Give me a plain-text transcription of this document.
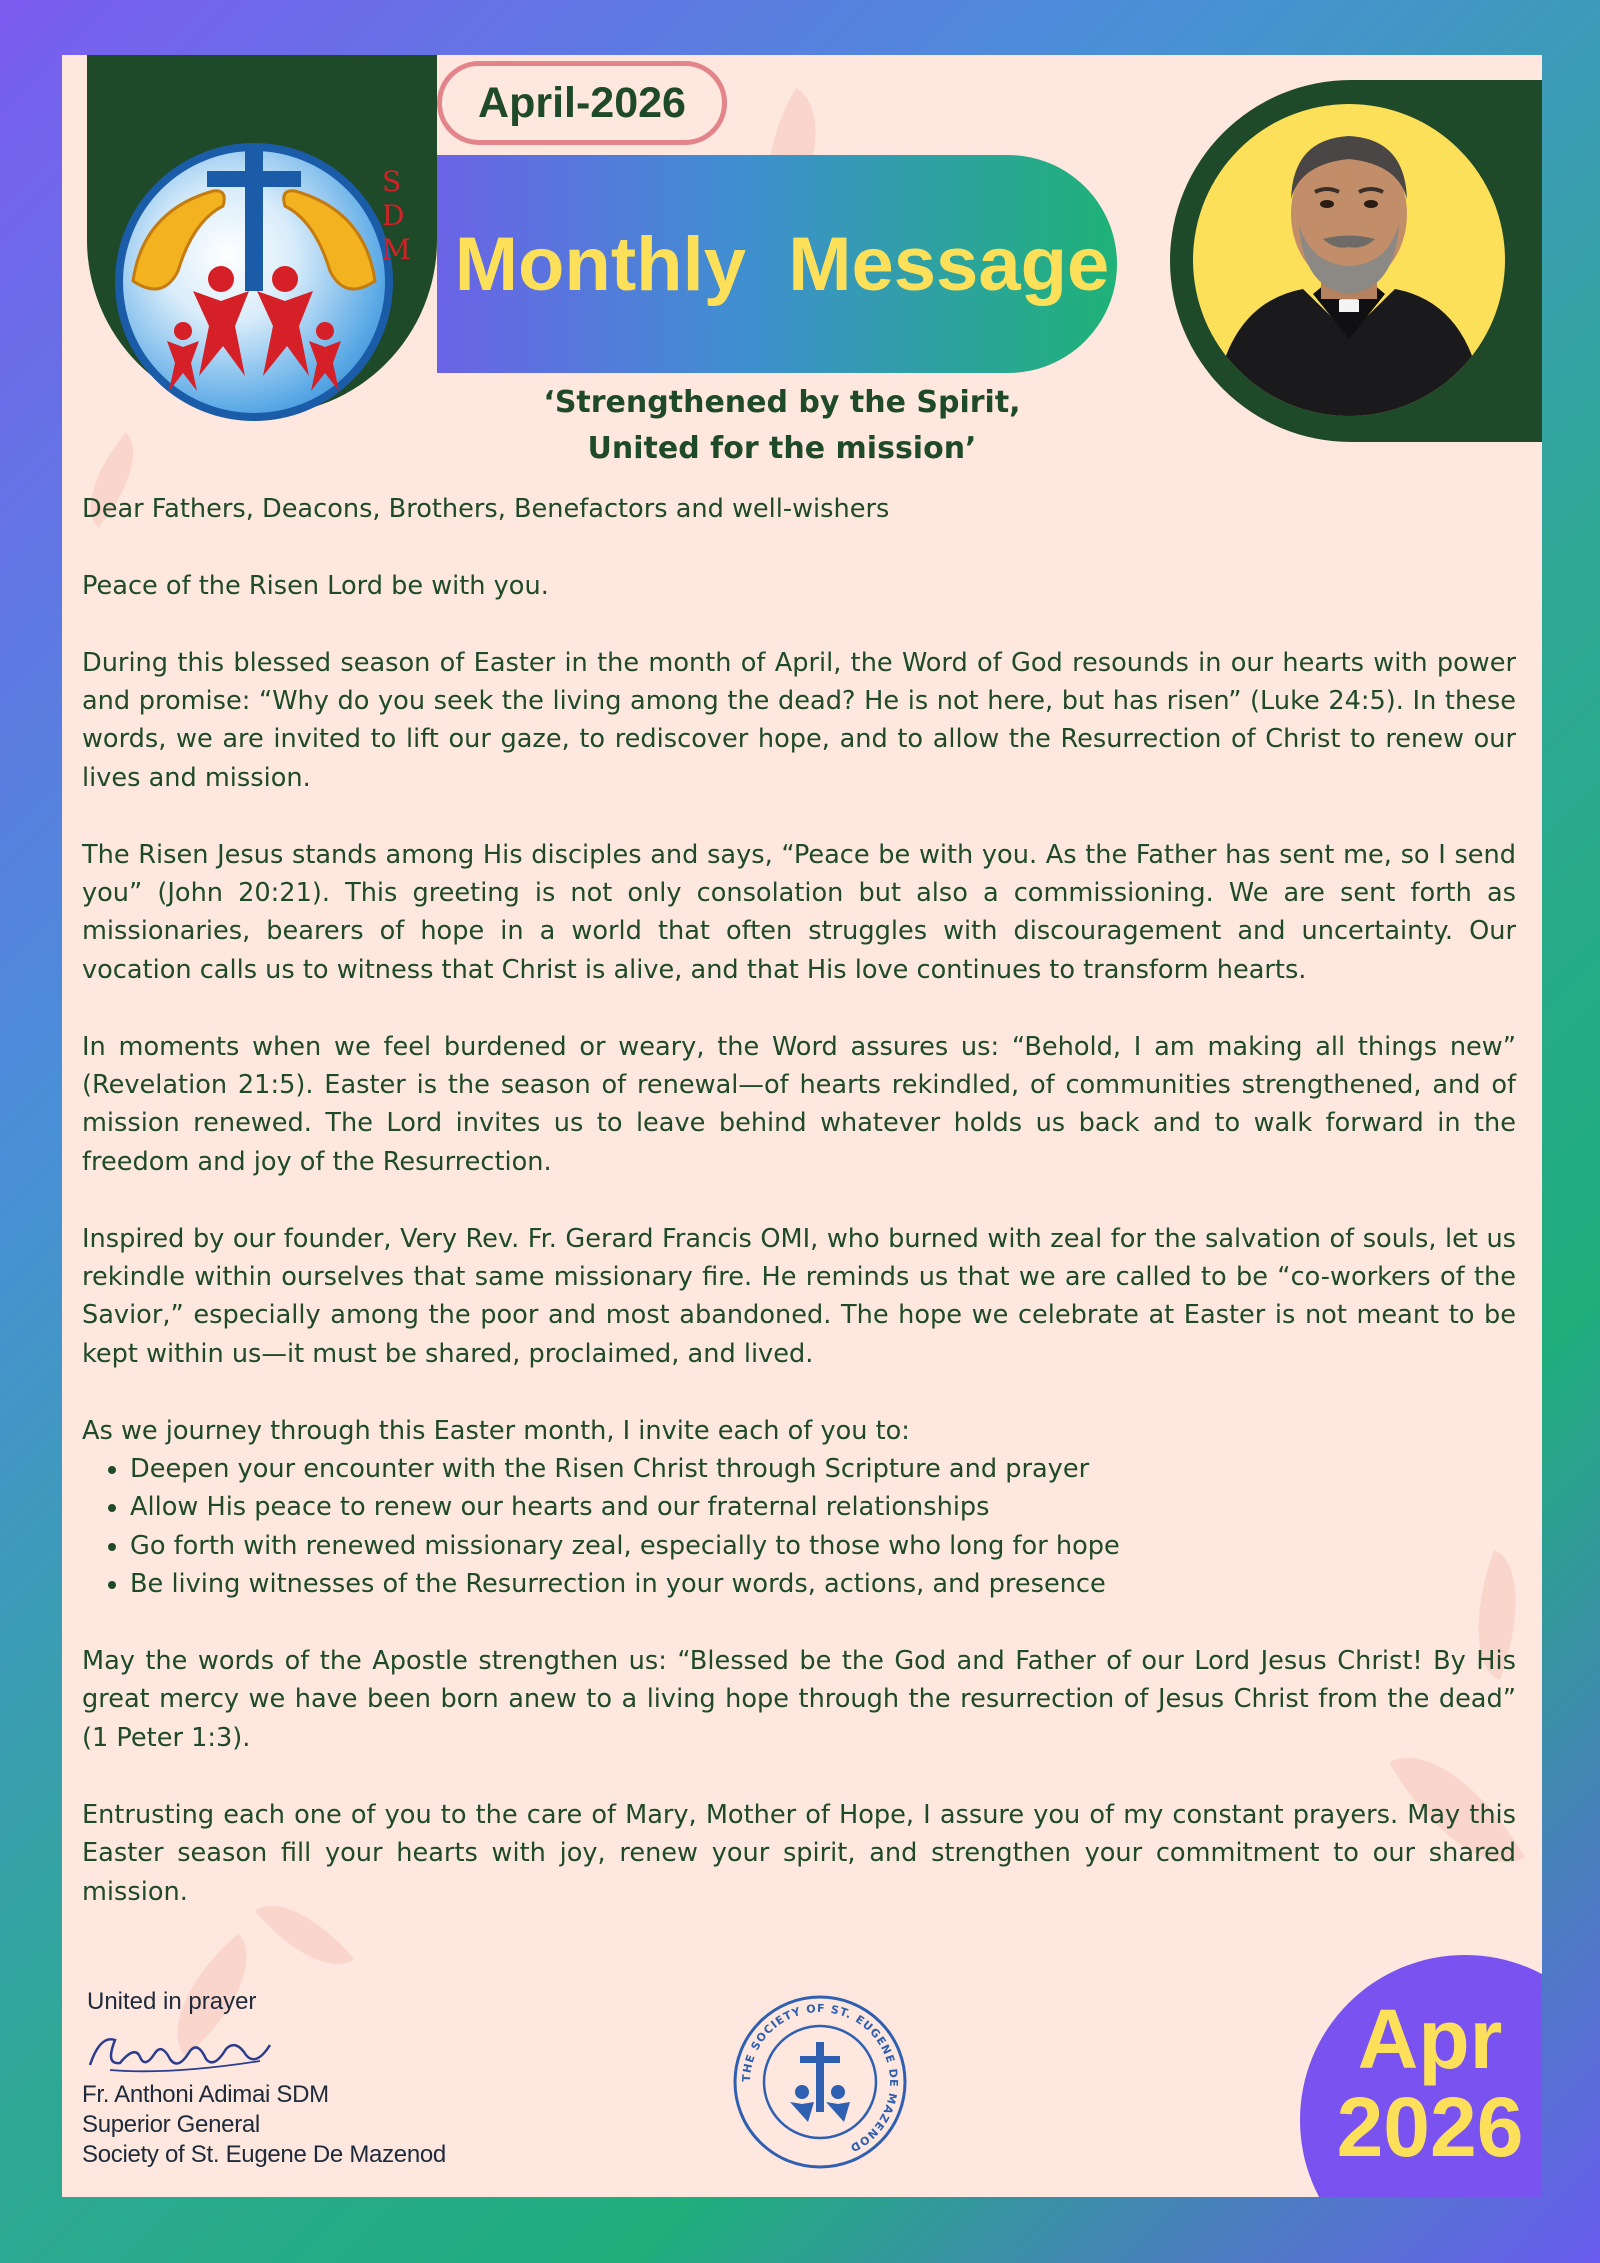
SDM
April-2026
Monthly  Message
‘Strengthened by the Spirit,
United for the mission’

Dear Fathers, Deacons, Brothers, Benefactors and well-wishers

Peace of the Risen Lord be with you.

During this blessed season of Easter in the month of April, the Word of God resounds in our hearts with power and promise: “Why do you seek the living among the dead? He is not here, but has risen” (Luke 24:5). In these words, we are invited to lift our gaze, to rediscover hope, and to allow the Resurrection of Christ to renew our lives and mission.

The Risen Jesus stands among His disciples and says, “Peace be with you. As the Father has sent me, so I send you” (John 20:21). This greeting is not only consolation but also a commissioning. We are sent forth as missionaries, bearers of hope in a world that often struggles with discouragement and uncertainty. Our vocation calls us to witness that Christ is alive, and that His love continues to transform hearts.

In moments when we feel burdened or weary, the Word assures us: “Behold, I am making all things new” (Revelation 21:5). Easter is the season of renewal—of hearts rekindled, of communities strengthened, and of mission renewed. The Lord invites us to leave behind whatever holds us back and to walk forward in the freedom and joy of the Resurrection.

Inspired by our founder, Very Rev. Fr. Gerard Francis OMI, who burned with zeal for the salvation of souls, let us rekindle within ourselves that same missionary fire. He reminds us that we are called to be “co-workers of the Savior,” especially among the poor and most abandoned. The hope we celebrate at Easter is not meant to be kept within us—it must be shared, proclaimed, and lived.

As we journey through this Easter month, I invite each of you to:

• Deepen your encounter with the Risen Christ through Scripture and prayer
• Allow His peace to renew our hearts and our fraternal relationships
• Go forth with renewed missionary zeal, especially to those who long for hope
• Be living witnesses of the Resurrection in your words, actions, and presence

May the words of the Apostle strengthen us: “Blessed be the God and Father of our Lord Jesus Christ! By His great mercy we have been born anew to a living hope through the resurrection of Jesus Christ from the dead” (1 Peter 1:3).

Entrusting each one of you to the care of Mary, Mother of Hope, I assure you of my constant prayers. May this Easter season fill your hearts with joy, renew your spirit, and strengthen your commitment to our shared mission.

United in prayer
Fr. Anthoni Adimai SDM
Superior General
Society of St. Eugene De Mazenod
THE SOCIETY OF ST. EUGENE DE MAZENOD
Apr
2026
